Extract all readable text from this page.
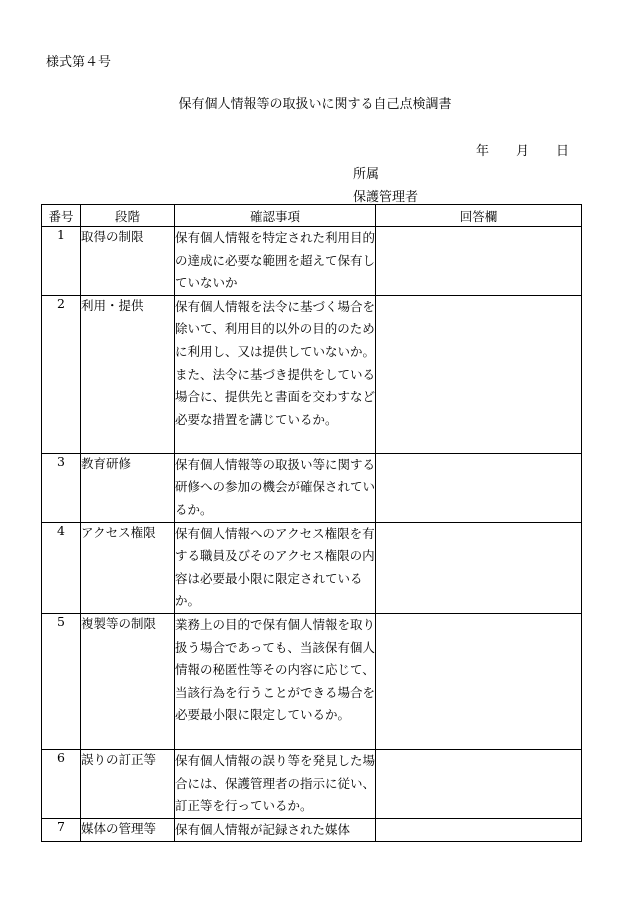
様式第４号
保有個人情報等の取扱いに関する自己点検調書
年 月 日
所属
保護管理者
番号	段階	確認事項	回答欄
1	取得の制限	保有個人情報を特定された利用目的の達成に必要な範囲を超えて保有していないか	
2	利用・提供	保有個人情報を法令に基づく場合を除いて、利用目的以外の目的のために利用し、又は提供していないか。また、法令に基づき提供をしている場合に、提供先と書面を交わすなど必要な措置を講じているか。	
3	教育研修	保有個人情報等の取扱い等に関する研修への参加の機会が確保されているか。	
4	アクセス権限	保有個人情報へのアクセス権限を有する職員及びそのアクセス権限の内容は必要最小限に限定されているか。	
5	複製等の制限	業務上の目的で保有個人情報を取り扱う場合であっても、当該保有個人情報の秘匿性等その内容に応じて、当該行為を行うことができる場合を必要最小限に限定しているか。	
6	誤りの訂正等	保有個人情報の誤り等を発見した場合には、保護管理者の指示に従い、訂正等を行っているか。	
7	媒体の管理等	保有個人情報が記録された媒体	
